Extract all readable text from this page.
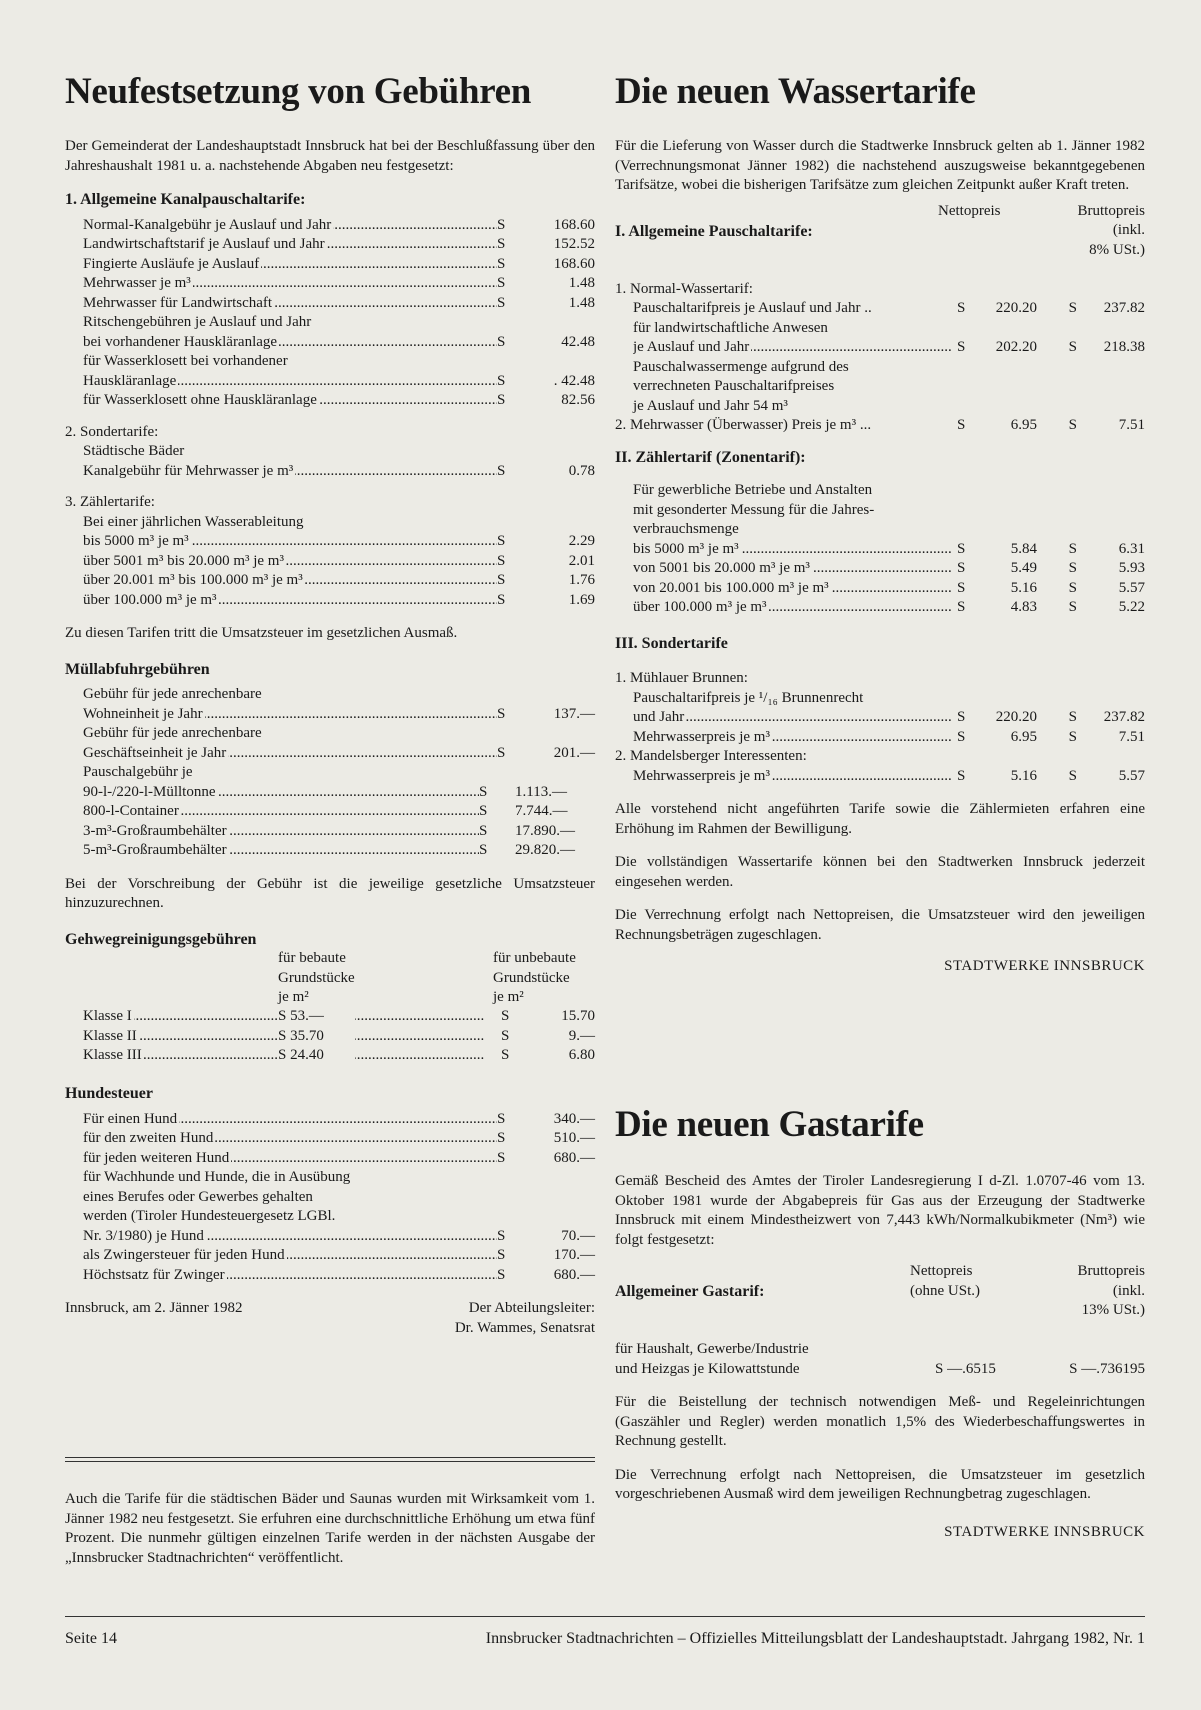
Neufestsetzung von Gebühren

Der Gemeinderat der Landeshauptstadt Innsbruck hat bei der Beschlußfassung über den Jahreshaushalt 1981 u. a. nachstehende Abgaben neu festgesetzt:

1. Allgemeine Kanalpauschaltarife:
Normal-Kanalgebühr je Auslauf und Jahr .....	S	168.60
Landwirtschaftstarif je Auslauf und Jahr .....	S	152.52
Fingierte Ausläufe je Auslauf .....	S	168.60
Mehrwasser je m³ .....	S	1.48
Mehrwasser für Landwirtschaft .....	S	1.48
Ritschengebühren je Auslauf und Jahr
bei vorhandener Hauskläranlage .....	S	42.48
für Wasserklosett bei vorhandener
Hauskläranlage .....	S	. 42.48
für Wasserklosett ohne Hauskläranlage .....	S	82.56
2. Sondertarife:
Städtische Bäder
Kanalgebühr für Mehrwasser je m³ .....	S	0.78
3. Zählertarife:
Bei einer jährlichen Wasserableitung
bis 5000 m³ je m³ .....	S	2.29
über 5001 m³ bis 20.000 m³ je m³ .....	S	2.01
über 20.001 m³ bis 100.000 m³ je m³ .....	S	1.76
über 100.000 m³ je m³ .....	S	1.69

Zu diesen Tarifen tritt die Umsatzsteuer im gesetzlichen Ausmaß.

Müllabfuhrgebühren
Gebühr für jede anrechenbare
Wohneinheit je Jahr .....	S	137.—
Gebühr für jede anrechenbare
Geschäftseinheit je Jahr .....	S	201.—
Pauschalgebühr je
90-l-/220-l-Mülltonne .....	S	1.113.—
800-l-Container .....	S	7.744.—
3-m³-Großraumbehälter .....	S	17.890.—
5-m³-Großraumbehälter .....	S	29.820.—

Bei der Vorschreibung der Gebühr ist die jeweilige gesetzliche Umsatzsteuer hinzuzurechnen.

Gehwegreinigungsgebühren
für bebaute
Grundstücke
je m²
für unbebaute
Grundstücke
je m²
Klasse I .....	S 53.— .....	S	15.70
Klasse II .....	S 35.70 .....	S	9.—
Klasse III .....	S 24.40 .....	S	6.80
Hundesteuer
Für einen Hund .....	S	340.—
für den zweiten Hund .....	S	510.—
für jeden weiteren Hund .....	S	680.—
für Wachhunde und Hunde, die in Ausübung
eines Berufes oder Gewerbes gehalten
werden (Tiroler Hundesteuergesetz LGBl.
Nr. 3/1980) je Hund .....	S	70.—
als Zwingersteuer für jeden Hund .....	S	170.—
Höchstsatz für Zwinger .....	S	680.—
Innsbruck, am 2. Jänner 1982	Der Abteilungsleiter:
Dr. Wammes, Senatsrat

Auch die Tarife für die städtischen Bäder und Saunas wurden mit Wirksamkeit vom 1. Jänner 1982 neu festgesetzt. Sie erfuhren eine durchschnittliche Erhöhung um etwa fünf Prozent. Die nunmehr gültigen einzelnen Tarife werden in der nächsten Ausgabe der „Innsbrucker Stadtnachrichten“ veröffentlicht.

Die neuen Wassertarife

Für die Lieferung von Wasser durch die Stadtwerke Innsbruck gelten ab 1. Jänner 1982 (Verrechnungsmonat Jänner 1982) die nachstehend auszugsweise bekanntgegebenen Tarifsätze, wobei die bisherigen Tarifsätze zum gleichen Zeitpunkt außer Kraft treten.

Nettopreis	Bruttopreis
(inkl.
8% USt.)
I. Allgemeine Pauschaltarife:
1. Normal-Wassertarif:
Pauschaltarifpreis je Auslauf und Jahr ..	S	220.20	S	237.82
für landwirtschaftliche Anwesen
je Auslauf und Jahr .....	S	202.20	S	218.38
Pauschalwassermenge aufgrund des
verrechneten Pauschaltarifpreises
je Auslauf und Jahr 54 m³
2. Mehrwasser (Überwasser) Preis je m³ ...	S	6.95	S	7.51
II. Zählertarif (Zonentarif):
Für gewerbliche Betriebe und Anstalten
mit gesonderter Messung für die Jahres-
verbrauchsmenge
bis 5000 m³ je m³ .....	S	5.84	S	6.31
von 5001 bis 20.000 m³ je m³ .....	S	5.49	S	5.93
von 20.001 bis 100.000 m³ je m³ .....	S	5.16	S	5.57
über 100.000 m³ je m³ .....	S	4.83	S	5.22
III. Sondertarife
1. Mühlauer Brunnen:
Pauschaltarifpreis je ¹/₁₆ Brunnenrecht
und Jahr .....	S	220.20	S	237.82
Mehrwasserpreis je m³ .....	S	6.95	S	7.51
2. Mandelsberger Interessenten:
Mehrwasserpreis je m³ .....	S	5.16	S	5.57

Alle vorstehend nicht angeführten Tarife sowie die Zählermieten erfahren eine Erhöhung im Rahmen der Bewilligung.

Die vollständigen Wassertarife können bei den Stadtwerken Innsbruck jederzeit eingesehen werden.

Die Verrechnung erfolgt nach Nettopreisen, die Umsatzsteuer wird den jeweiligen Rechnungsbeträgen zugeschlagen.

STADTWERKE INNSBRUCK

Die neuen Gastarife

Gemäß Bescheid des Amtes der Tiroler Landesregierung I d-Zl. 1.0707-46 vom 13. Oktober 1981 wurde der Abgabepreis für Gas aus der Erzeugung der Stadtwerke Innsbruck mit einem Mindestheizwert von 7,443 kWh/Normalkubikmeter (Nm³) wie folgt festgesetzt:

Nettopreis
(ohne USt.)
Bruttopreis
(inkl.
13% USt.)
Allgemeiner Gastarif:
für Haushalt, Gewerbe/Industrie
und Heizgas je Kilowattstunde	S —.6515	S —.736195

Für die Beistellung der technisch notwendigen Meß- und Regeleinrichtungen (Gaszähler und Regler) werden monatlich 1,5% des Wiederbeschaffungswertes in Rechnung gestellt.

Die Verrechnung erfolgt nach Nettopreisen, die Umsatzsteuer im gesetzlich vorgeschriebenen Ausmaß wird dem jeweiligen Rechnungbetrag zugeschlagen.

STADTWERKE INNSBRUCK

Seite 14	Innsbrucker Stadtnachrichten – Offizielles Mitteilungsblatt der Landeshauptstadt. Jahrgang 1982, Nr. 1
